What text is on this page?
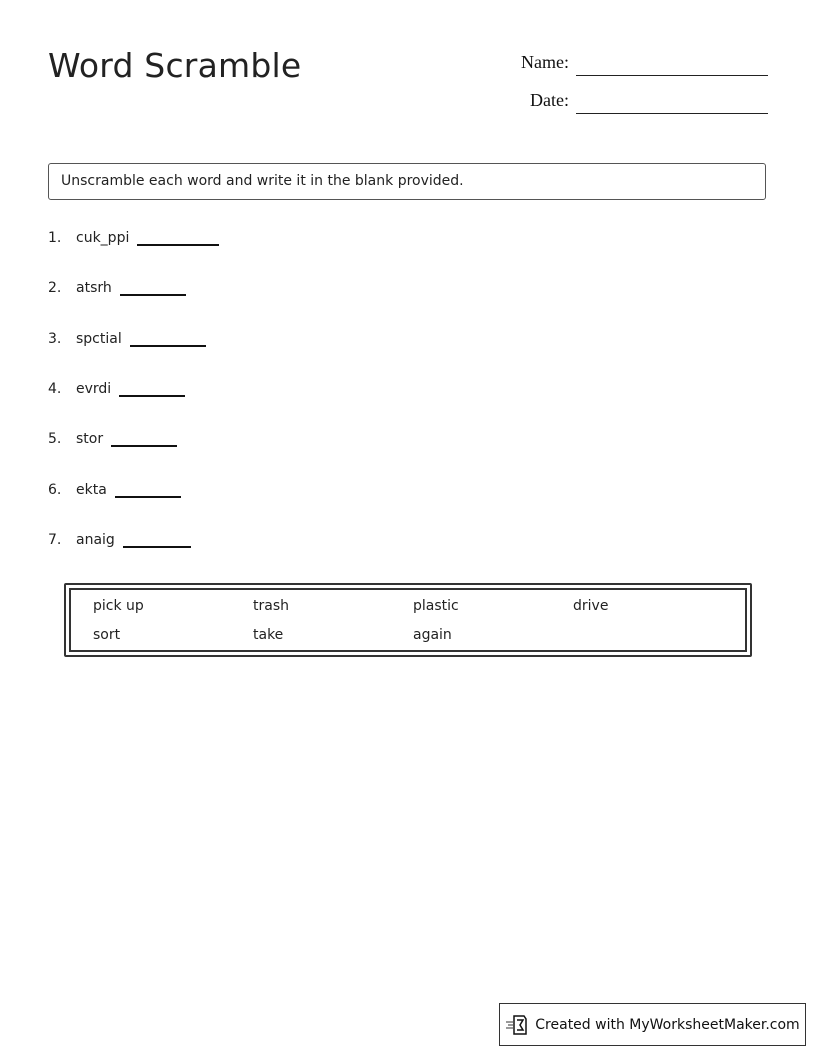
Word Scramble	Name:
Date:
Unscramble each word and write it in the blank provided.
1. cuk_ppi
2. atsrh
3. spctial
4. evrdi
5. stor
6. ekta
7. anaig
pick up	trash	plastic	drive
sort	take	again
Created with MyWorksheetMaker.com
